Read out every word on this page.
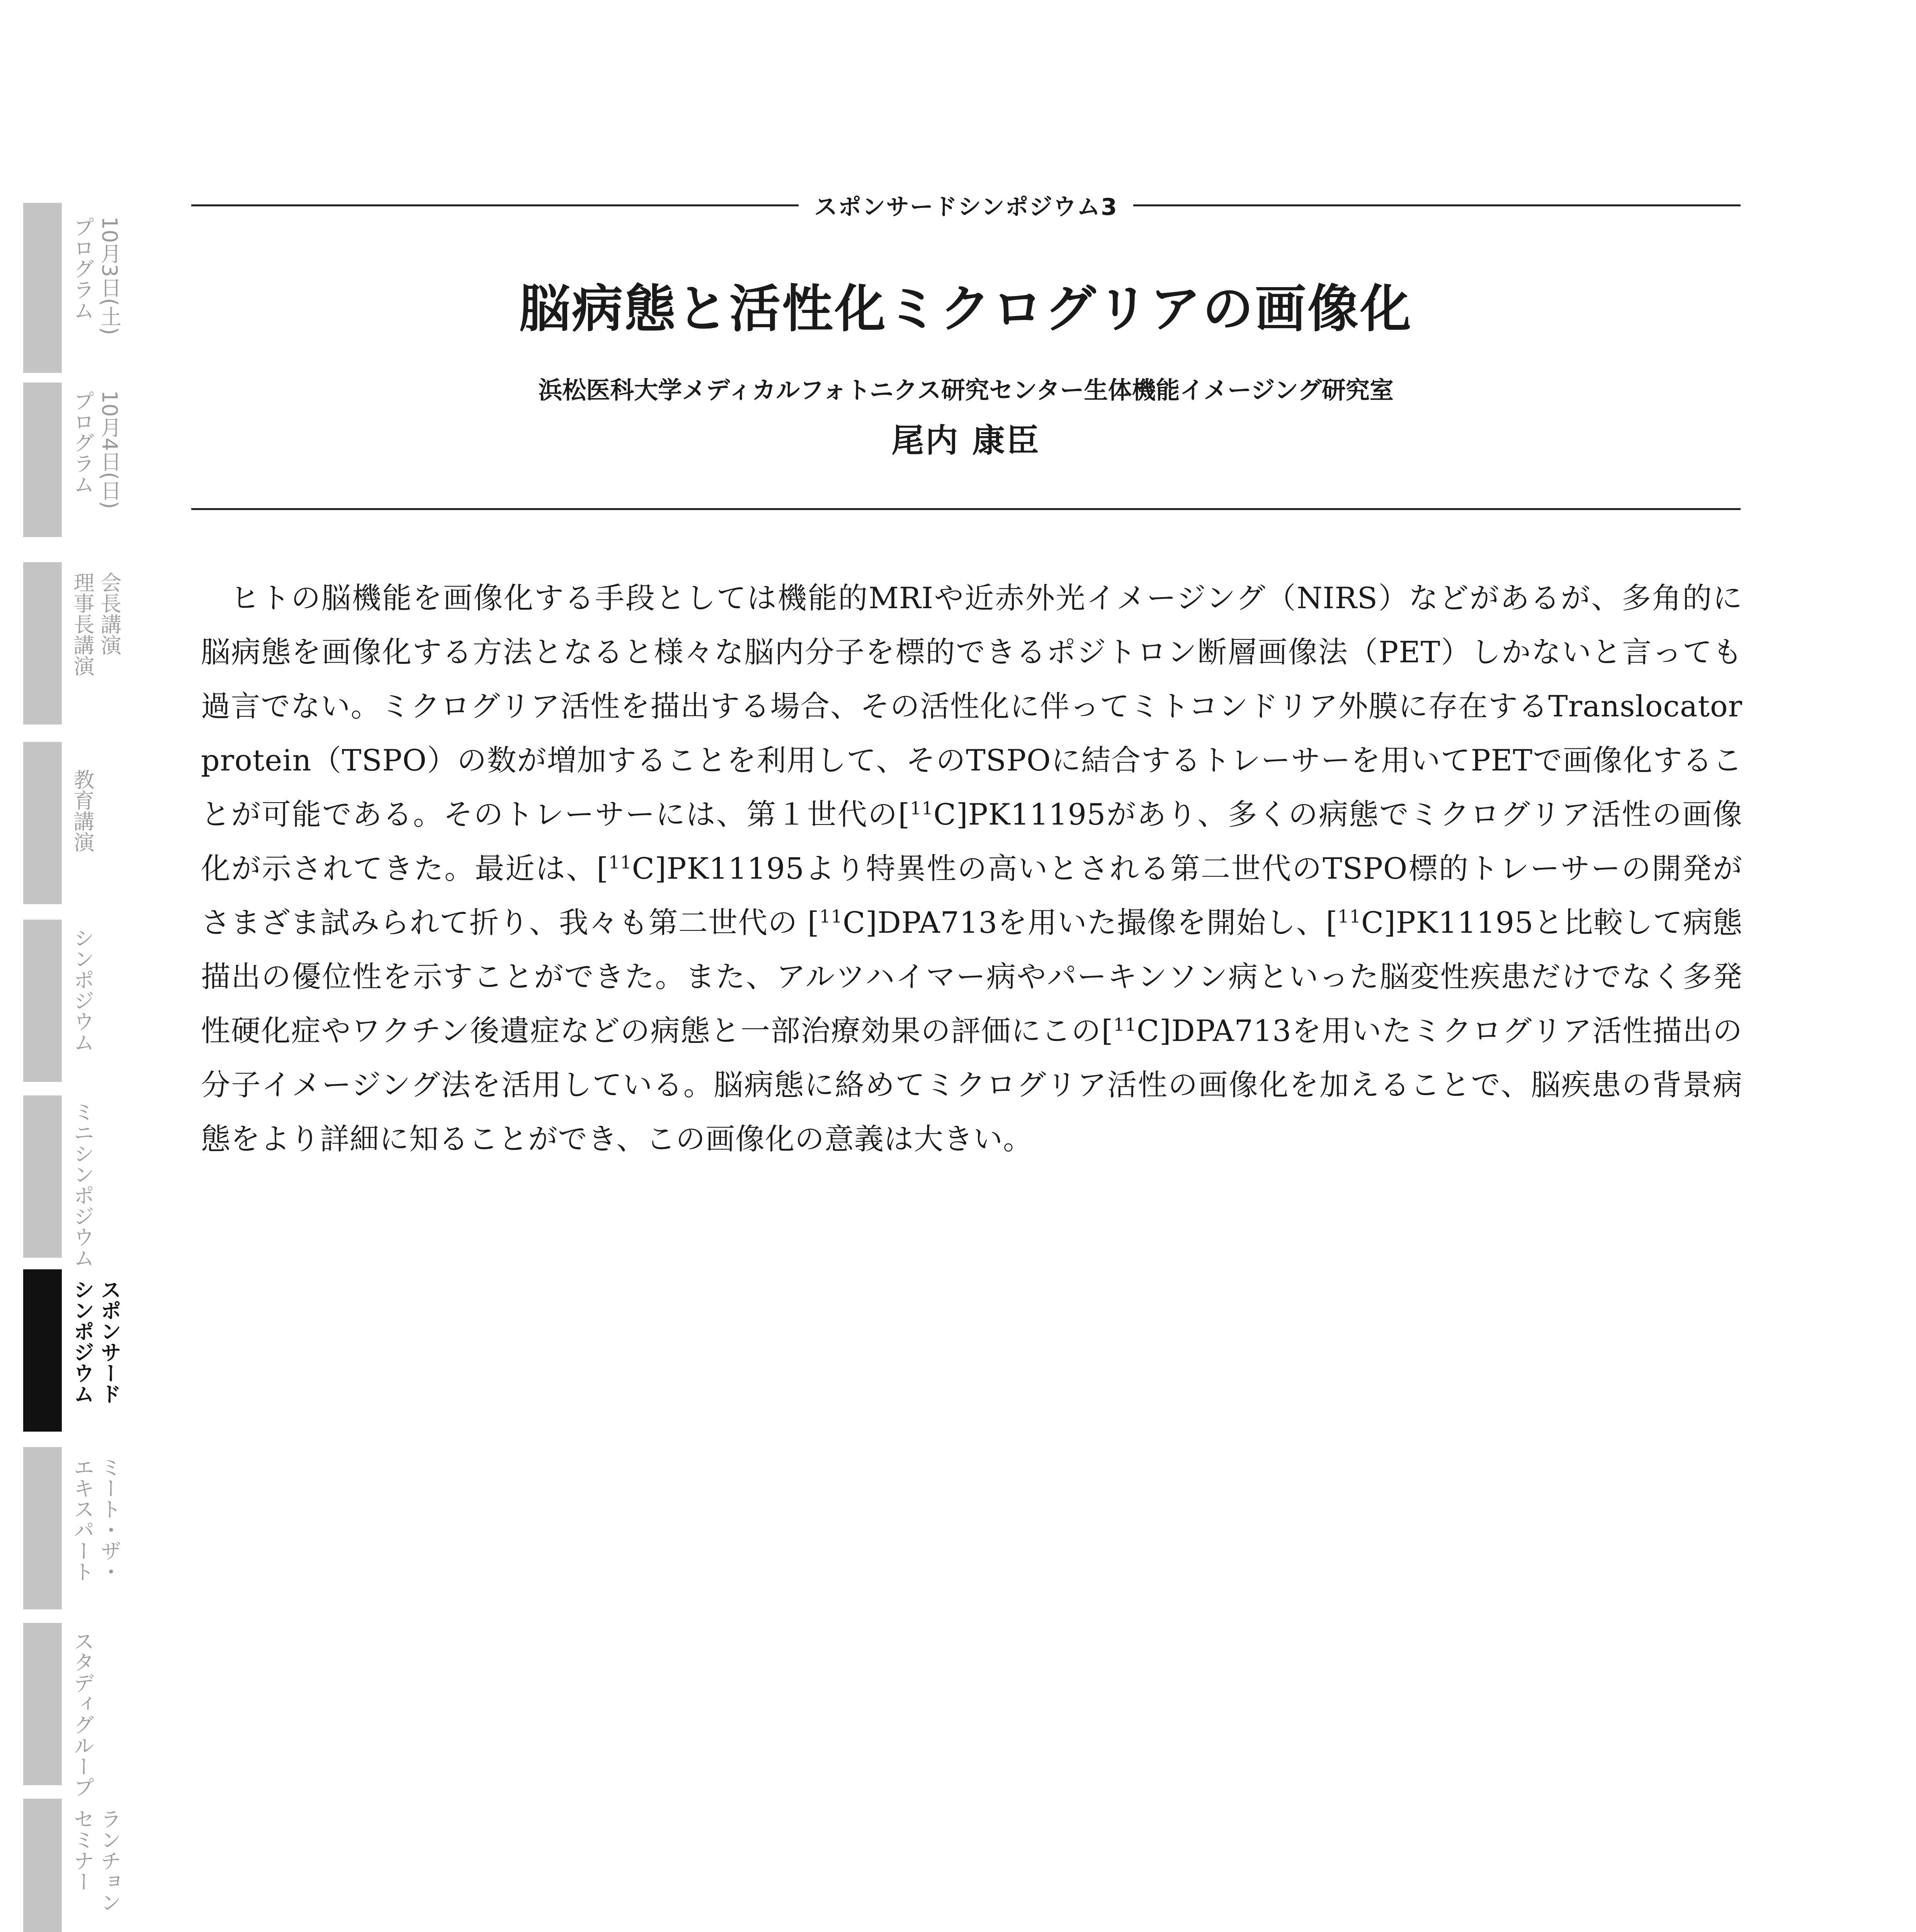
10月3日(土)
プログラム
10月4日(日)
プログラム
会長講演
理事長講演
教育講演
シンポジウム
ミニシンポジウム
スポンサード
シンポジウム
ミート・ザ・
エキスパート
スタディグループ
ランチョン
セミナー
スポンサードシンポジウム3
脳病態と活性化ミクログリアの画像化
浜松医科大学メディカルフォトニクス研究センター生体機能イメージング研究室
尾内 康臣
ヒトの脳機能を画像化する手段としては機能的MRIや近赤外光イメージング（NIRS）などがあるが、多角的に脳病態を画像化する方法となると様々な脳内分子を標的できるポジトロン断層画像法（PET）しかないと言っても過言でない。ミクログリア活性を描出する場合、その活性化に伴ってミトコンドリア外膜に存在するTranslocator protein（TSPO）の数が増加することを利用して、そのTSPOに結合するトレーサーを用いてPETで画像化することが可能である。そのトレーサーには、第１世代の[$^{11}$C]PK11195があり、多くの病態でミクログリア活性の画像化が示されてきた。最近は、[$^{11}$C]PK11195より特異性の高いとされる第二世代のTSPO標的トレーサーの開発がさまざま試みられて折り、我々も第二世代の [$^{11}$C]DPA713を用いた撮像を開始し、[$^{11}$C]PK11195と比較して病態描出の優位性を示すことができた。また、アルツハイマー病やパーキンソン病といった脳変性疾患だけでなく多発性硬化症やワクチン後遺症などの病態と一部治療効果の評価にこの[$^{11}$C]DPA713を用いたミクログリア活性描出の分子イメージング法を活用している。脳病態に絡めてミクログリア活性の画像化を加えることで、脳疾患の背景病態をより詳細に知ることができ、この画像化の意義は大きい。
